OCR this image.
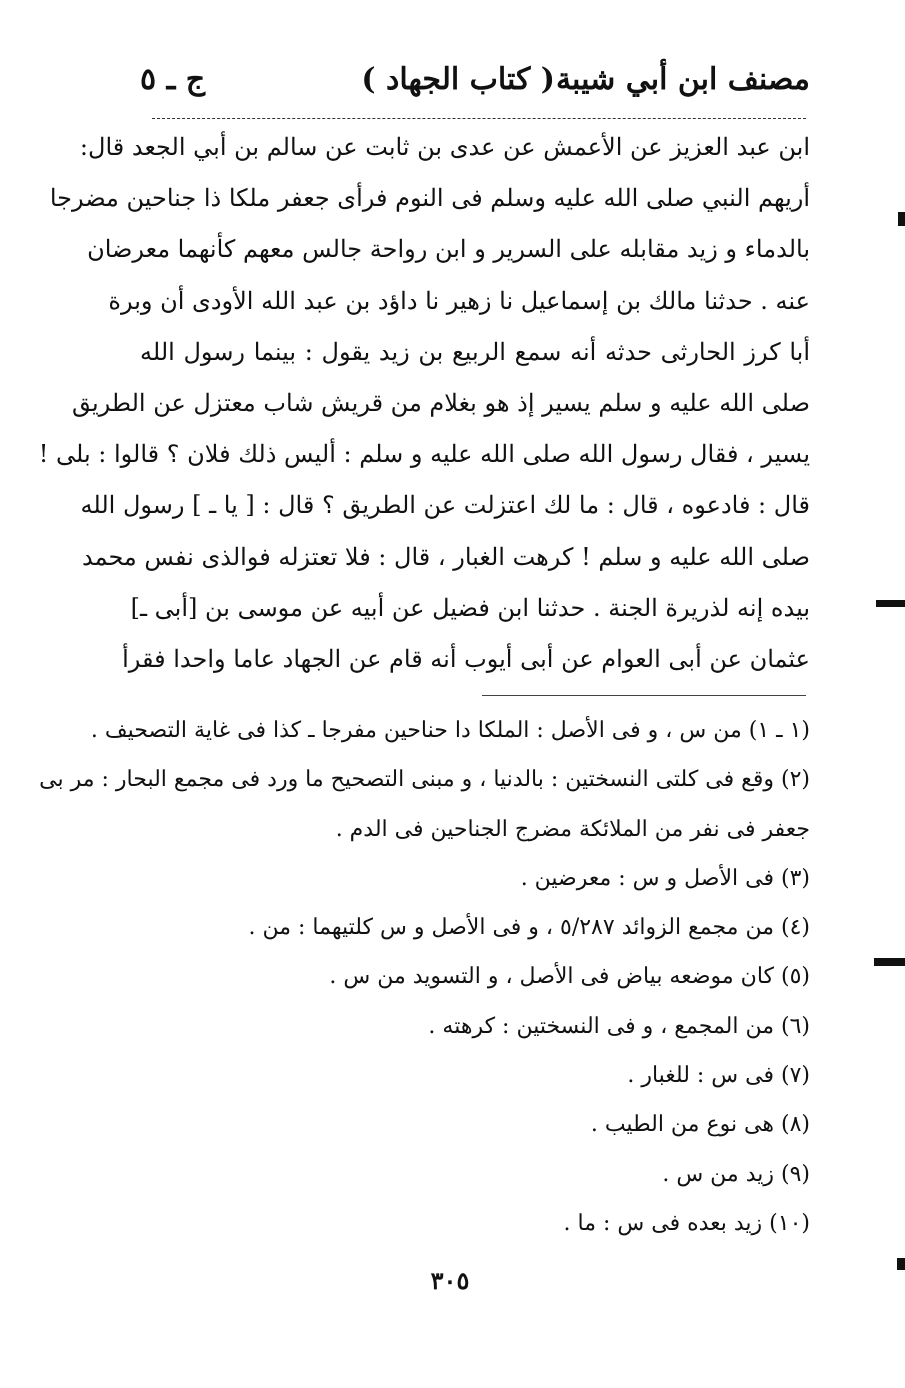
مصنف ابن أبي شيبة
( كتاب الجهاد )
ج ـ ٥
ابن عبد العزيز عن الأعمش عن عدى بن ثابت عن سالم بن أبي الجعد قال:
أريهم النبي صلى الله عليه وسلم فى النوم فرأى جعفر ملكا ذا جناحين مضرجا
بالدماء و زيد مقابله على السرير و ابن رواحة جالس معهم كأنهما معرضان
عنه . حدثنا مالك بن إسماعيل نا زهير نا داؤد بن عبد الله الأودى أن وبرة
أبا كرز الحارثى حدثه أنه سمع الربيع بن زيد يقول : بينما رسول الله
صلى الله عليه و سلم يسير إذ هو بغلام من قريش شاب معتزل عن الطريق
يسير ، فقال رسول الله صلى الله عليه و سلم : أليس ذلك فلان ؟ قالوا : بلى !
قال : فادعوه ، قال : ما لك اعتزلت عن الطريق ؟ قال : [ يا ـ ] رسول الله
صلى الله عليه و سلم ! كرهت الغبار ، قال : فلا تعتزله فوالذى نفس محمد
بيده إنه لذريرة الجنة . حدثنا ابن فضيل عن أبيه عن موسى بن [أبى ـ]
عثمان عن أبى العوام عن أبى أيوب أنه قام عن الجهاد عاما واحدا فقرأ
(١ ـ ١) من س ، و فى الأصل : الملكا دا حناحين مفرجا ـ كذا فى غاية التصحيف .
(٢) وقع فى كلتى النسختين : بالدنيا ، و مبنى التصحيح ما ورد فى مجمع البحار : مر بى
جعفر فى نفر من الملائكة مضرج الجناحين فى الدم .
(٣) فى الأصل و س : معرضين .
(٤) من مجمع الزوائد ٥/٢٨٧ ، و فى الأصل و س كلتيهما : من .
(٥) كان موضعه بياض فى الأصل ، و التسويد من س .
(٦) من المجمع ، و فى النسختين : كرهته .
(٧) فى س : للغبار .
(٨) هى نوع من الطيب .
(٩) زيد من س .
(١٠) زيد بعده فى س : ما .
٣٠٥
